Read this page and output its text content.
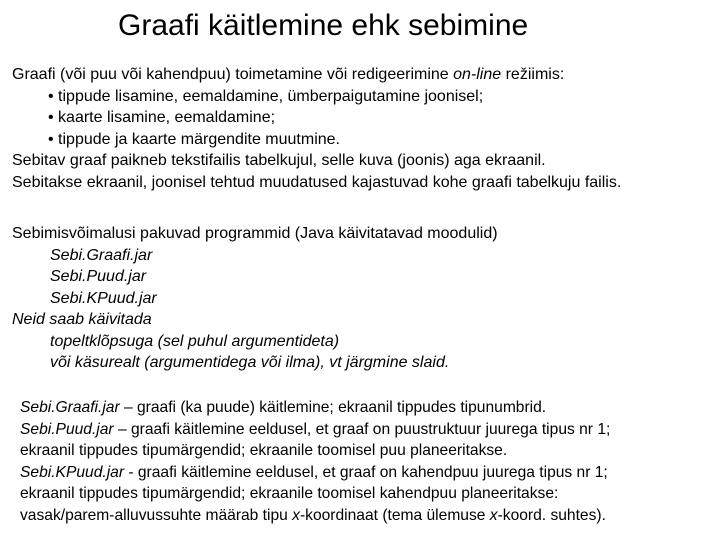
Graafi käitlemine ehk sebimine
Graafi (või puu või kahendpuu) toimetamine või redigeerimine on-line režiimis:
• tippude lisamine, eemaldamine, ümberpaigutamine joonisel;
• kaarte lisamine, eemaldamine;
• tippude ja kaarte märgendite muutmine.
Sebitav graaf paikneb tekstifailis tabelkujul, selle kuva (joonis) aga ekraanil.
Sebitakse ekraanil, joonisel tehtud muudatused kajastuvad kohe graafi tabelkuju failis.
Sebimisvõimalusi pakuvad programmid (Java käivitatavad moodulid)
Sebi.Graafi.jar
Sebi.Puud.jar
Sebi.KPuud.jar
Neid saab käivitada
topeltklõpsuga (sel puhul argumentideta)
või käsurealt (argumentidega või ilma), vt järgmine slaid.
Sebi.Graafi.jar – graafi (ka puude) käitlemine; ekraanil tippudes tipunumbrid.
Sebi.Puud.jar – graafi käitlemine eeldusel, et graaf on puustruktuur juurega tipus nr 1;
ekraanil tippudes tipumärgendid; ekraanile toomisel puu planeeritakse.
Sebi.KPuud.jar - graafi käitlemine eeldusel, et graaf on kahendpuu juurega tipus nr 1;
ekraanil tippudes tipumärgendid; ekraanile toomisel kahendpuu planeeritakse:
vasak/parem-alluvussuhte määrab tipu x-koordinaat (tema ülemuse x-koord. suhtes).
